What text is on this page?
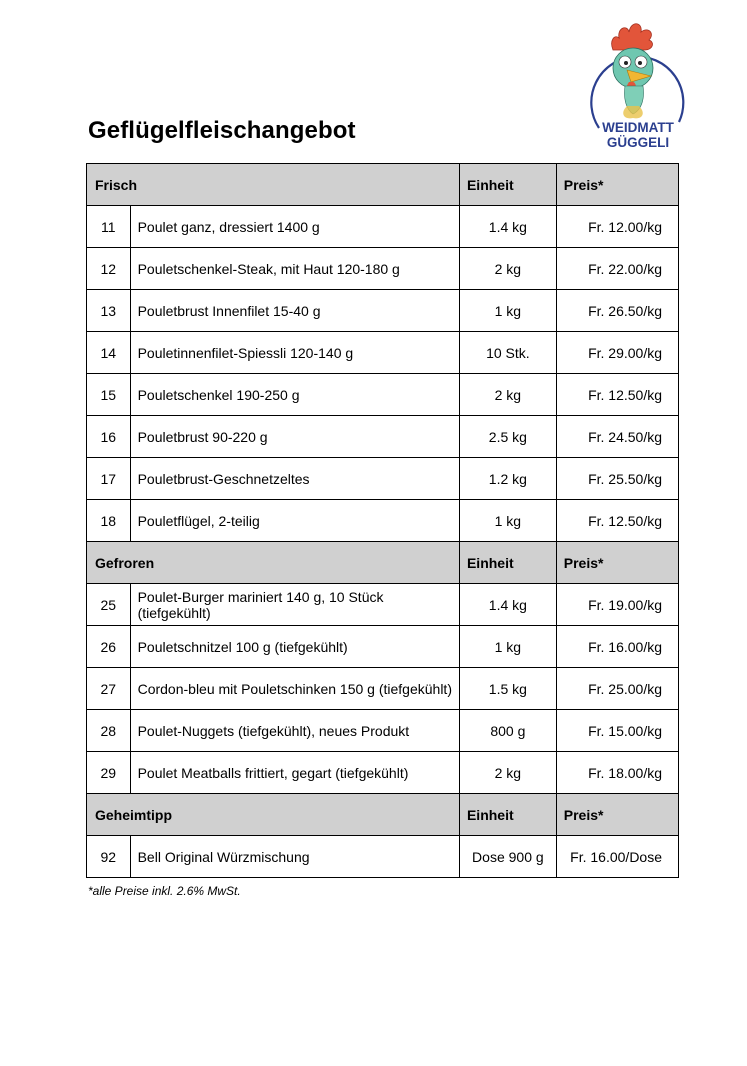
Geflügelfleischangebot	WEIDMATT
GÜGGELI
Frisch		Einheit	Preis*
11	Poulet ganz, dressiert 1400 g	1.4 kg	Fr. 12.00/kg
12	Pouletschenkel-Steak, mit Haut 120-180 g	2 kg	Fr. 22.00/kg
13	Pouletbrust Innenfilet 15-40 g	1 kg	Fr. 26.50/kg
14	Pouletinnenfilet-Spiessli 120-140 g	10 Stk.	Fr. 29.00/kg
15	Pouletschenkel 190-250 g	2 kg	Fr. 12.50/kg
16	Pouletbrust 90-220 g	2.5 kg	Fr. 24.50/kg
17	Pouletbrust-Geschnetzeltes	1.2 kg	Fr. 25.50/kg
18	Pouletflügel, 2-teilig	1 kg	Fr. 12.50/kg
Gefroren		Einheit	Preis*
25	Poulet-Burger mariniert 140 g, 10 Stück (tiefgekühlt)	1.4 kg	Fr. 19.00/kg
26	Pouletschnitzel 100 g (tiefgekühlt)	1 kg	Fr. 16.00/kg
27	Cordon-bleu mit Pouletschinken 150 g (tiefgekühlt)	1.5 kg	Fr. 25.00/kg
28	Poulet-Nuggets (tiefgekühlt), neues Produkt	800 g	Fr. 15.00/kg
29	Poulet Meatballs frittiert, gegart (tiefgekühlt)	2 kg	Fr. 18.00/kg
Geheimtipp		Einheit	Preis*
92	Bell Original Würzmischung	Dose 900 g	Fr. 16.00/Dose
*alle Preise inkl. 2.6% MwSt.
